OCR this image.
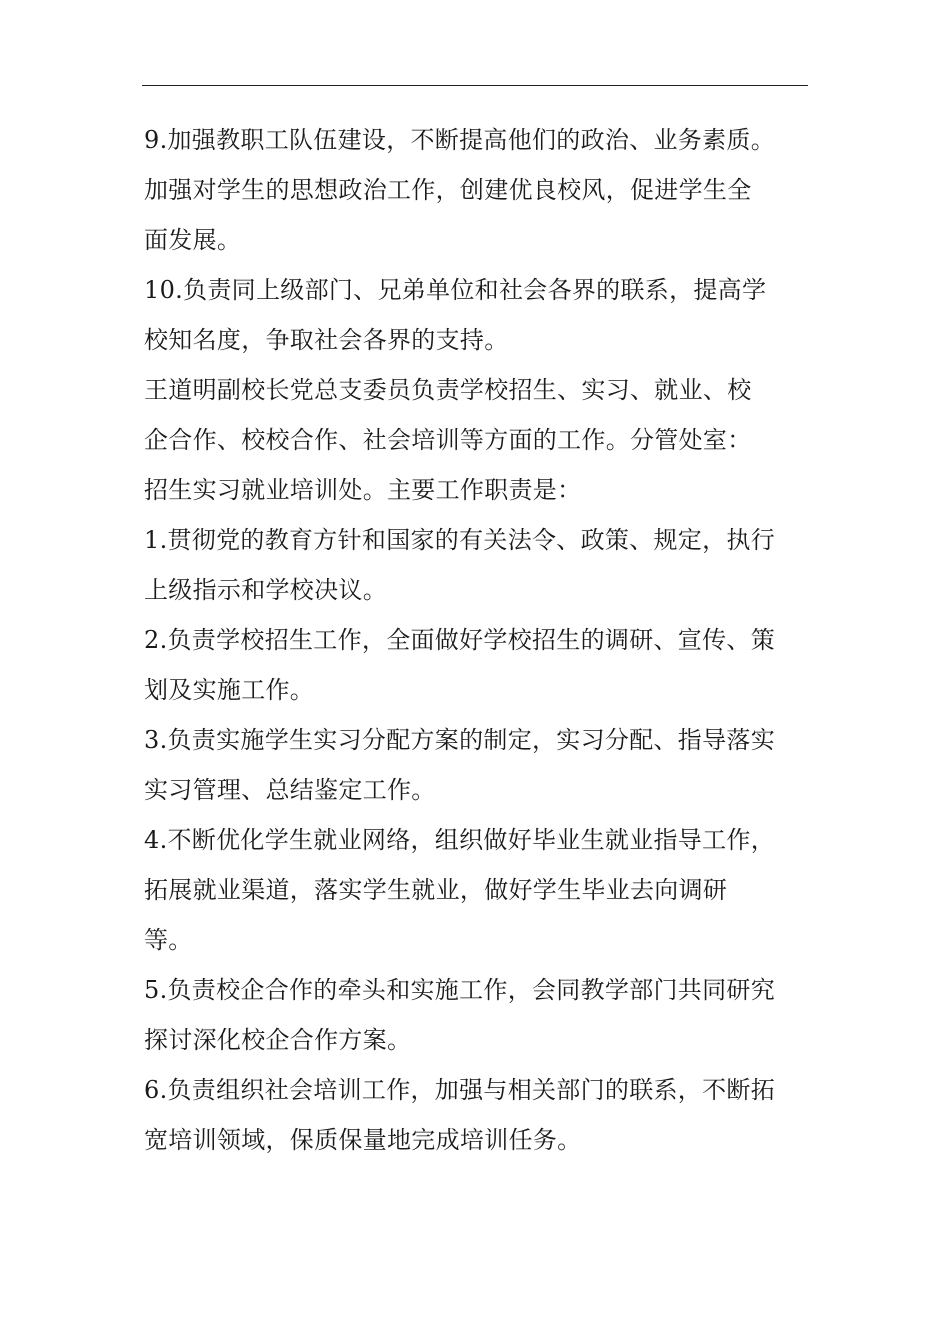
9.加强教职工队伍建设，不断提高他们的政治、业务素质。
加强对学生的思想政治工作，创建优良校风，促进学生全
面发展。
10.负责同上级部门、兄弟单位和社会各界的联系，提高学
校知名度，争取社会各界的支持。
王道明副校长党总支委员负责学校招生、实习、就业、校
企合作、校校合作、社会培训等方面的工作。分管处室：
招生实习就业培训处。主要工作职责是：
1.贯彻党的教育方针和国家的有关法令、政策、规定，执行
上级指示和学校决议。
2.负责学校招生工作，全面做好学校招生的调研、宣传、策
划及实施工作。
3.负责实施学生实习分配方案的制定，实习分配、指导落实
实习管理、总结鉴定工作。
4.不断优化学生就业网络，组织做好毕业生就业指导工作，
拓展就业渠道，落实学生就业，做好学生毕业去向调研
等。
5.负责校企合作的牵头和实施工作，会同教学部门共同研究
探讨深化校企合作方案。
6.负责组织社会培训工作，加强与相关部门的联系，不断拓
宽培训领域，保质保量地完成培训任务。
